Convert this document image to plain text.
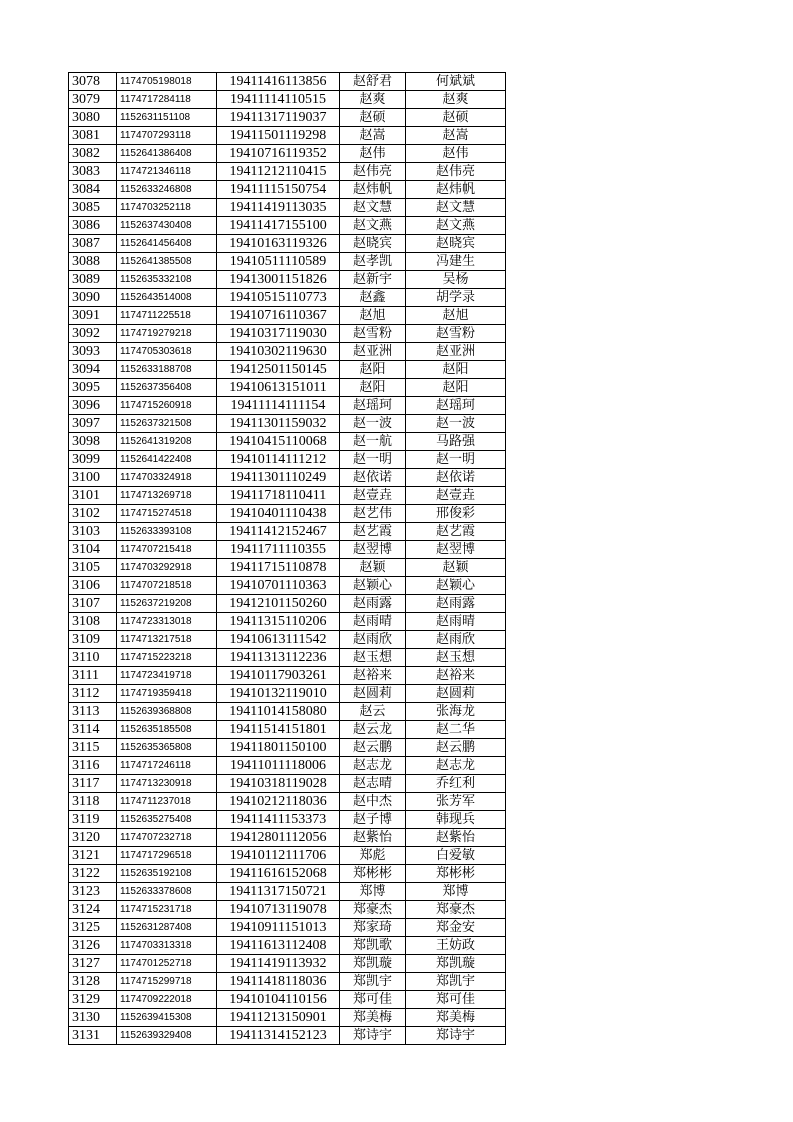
3078	1174705198018	19411416113856	赵舒君	何斌斌
3079	1174717284118	19411114110515	赵爽	赵爽
3080	1152631151108	19411317119037	赵硕	赵硕
3081	1174707293118	19411501119298	赵嵩	赵嵩
3082	1152641386408	19410716119352	赵伟	赵伟
3083	1174721346118	19411212110415	赵伟亮	赵伟亮
3084	1152633246808	19411115150754	赵炜帆	赵炜帆
3085	1174703252118	19411419113035	赵文慧	赵文慧
3086	1152637430408	19411417155100	赵文燕	赵文燕
3087	1152641456408	19410163119326	赵晓宾	赵晓宾
3088	1152641385508	19410511110589	赵孝凯	冯建生
3089	1152635332108	19413001151826	赵新宇	吴杨
3090	1152643514008	19410515110773	赵鑫	胡学录
3091	1174711225518	19410716110367	赵旭	赵旭
3092	1174719279218	19410317119030	赵雪粉	赵雪粉
3093	1174705303618	19410302119630	赵亚洲	赵亚洲
3094	1152633188708	19412501150145	赵阳	赵阳
3095	1152637356408	19410613151011	赵阳	赵阳
3096	1174715260918	19411114111154	赵瑶珂	赵瑶珂
3097	1152637321508	19411301159032	赵一波	赵一波
3098	1152641319208	19410415110068	赵一航	马路强
3099	1152641422408	19410114111212	赵一明	赵一明
3100	1174703324918	19411301110249	赵依诺	赵依诺
3101	1174713269718	19411718110411	赵壹垚	赵壹垚
3102	1174715274518	19410401110438	赵艺伟	邢俊彩
3103	1152633393108	19411412152467	赵艺霞	赵艺霞
3104	1174707215418	19411711110355	赵翌博	赵翌博
3105	1174703292918	19411715110878	赵颖	赵颖
3106	1174707218518	19410701110363	赵颖心	赵颖心
3107	1152637219208	19412101150260	赵雨露	赵雨露
3108	1174723313018	19411315110206	赵雨晴	赵雨晴
3109	1174713217518	19410613111542	赵雨欣	赵雨欣
3110	1174715223218	19411313112236	赵玉想	赵玉想
3111	1174723419718	19410117903261	赵裕来	赵裕来
3112	1174719359418	19410132119010	赵圆莉	赵圆莉
3113	1152639368808	19411014158080	赵云	张海龙
3114	1152635185508	19411514151801	赵云龙	赵二华
3115	1152635365808	19411801150100	赵云鹏	赵云鹏
3116	1174717246118	19411011118006	赵志龙	赵志龙
3117	1174713230918	19410318119028	赵志晴	乔红利
3118	1174711237018	19410212118036	赵中杰	张芳军
3119	1152635275408	19411411153373	赵子博	韩现兵
3120	1174707232718	19412801112056	赵紫怡	赵紫怡
3121	1174717296518	19410112111706	郑彪	白爱敏
3122	1152635192108	19411616152068	郑彬彬	郑彬彬
3123	1152633378608	19411317150721	郑博	郑博
3124	1174715231718	19410713119078	郑豪杰	郑豪杰
3125	1152631287408	19410911151013	郑家琦	郑金安
3126	1174703313318	19411613112408	郑凯歌	王妨政
3127	1174701252718	19411419113932	郑凯璇	郑凯璇
3128	1174715299718	19411418118036	郑凯宇	郑凯宇
3129	1174709222018	19410104110156	郑可佳	郑可佳
3130	1152639415308	19411213150901	郑美梅	郑美梅
3131	1152639329408	19411314152123	郑诗宇	郑诗宇
